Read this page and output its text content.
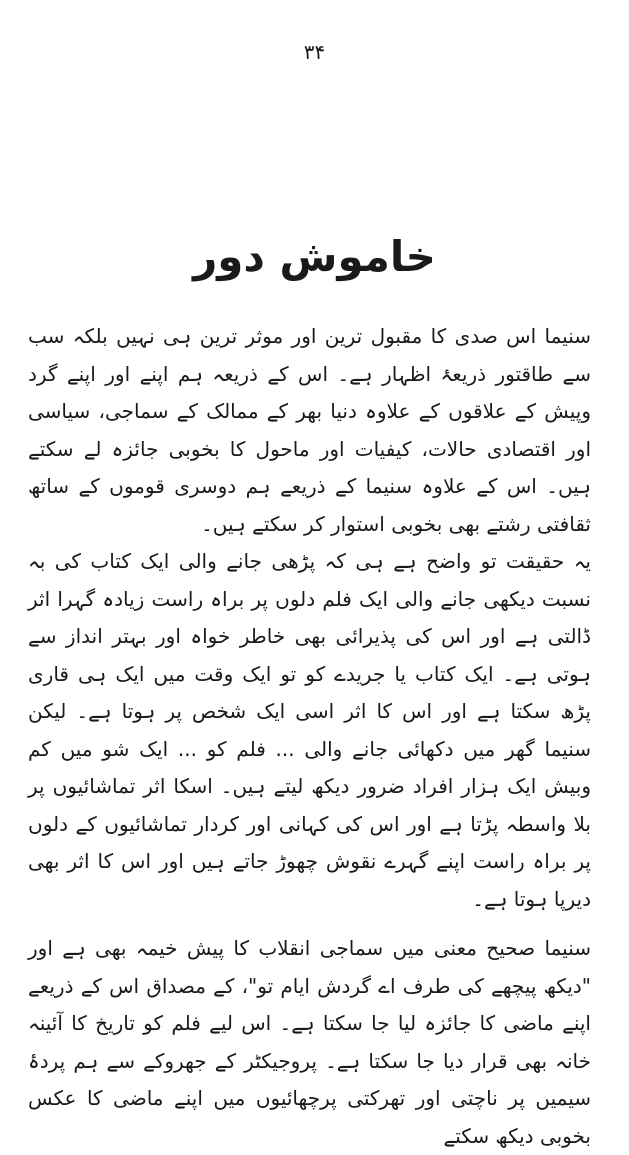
۳۴
خاموش دور

سنیما اس صدی کا مقبول ترین اور موثر ترین ہی نہیں بلکہ سب سے طاقتور ذریعۂ اظہار ہے۔ اس کے ذریعہ ہم اپنے اور اپنے گرد وپیش کے علاقوں کے علاوہ دنیا بھر کے ممالک کے سماجی، سیاسی اور اقتصادی حالات، کیفیات اور ماحول کا بخوبی جائزہ لے سکتے ہیں۔ اس کے علاوہ سنیما کے ذریعے ہم دوسری قوموں کے ساتھ ثقافتی رشتے بھی بخوبی استوار کر سکتے ہیں۔

یہ حقیقت تو واضح ہے ہی کہ پڑھی جانے والی ایک کتاب کی بہ نسبت دیکھی جانے والی ایک فلم دلوں پر براہ راست زیادہ گہرا اثر ڈالتی ہے اور اس کی پذیرائی بھی خاطر خواہ اور بہتر انداز سے ہوتی ہے۔ ایک کتاب یا جریدے کو تو ایک وقت میں ایک ہی قاری پڑھ سکتا ہے اور اس کا اثر اسی ایک شخص پر ہوتا ہے۔ لیکن سنیما گھر میں دکھائی جانے والی ... فلم کو ... ایک شو میں کم وبیش ایک ہزار افراد ضرور دیکھ لیتے ہیں۔ اسکا اثر تماشائیوں پر بلا واسطہ پڑتا ہے اور اس کی کہانی اور کردار تماشائیوں کے دلوں پر براہ راست اپنے گہرے نقوش چھوڑ جاتے ہیں اور اس کا اثر بھی دیرپا ہوتا ہے۔

سنیما صحیح معنی میں سماجی انقلاب کا پیش خیمہ بھی ہے اور "دیکھ پیچھے کی طرف اے گردش ایام تو"، کے مصداق اس کے ذریعے اپنے ماضی کا جائزہ لیا جا سکتا ہے۔ اس لیے فلم کو تاریخ کا آئینہ خانہ بھی قرار دیا جا سکتا ہے۔ پروجیکٹر کے جھروکے سے ہم پردۂ سیمیں پر ناچتی اور تھرکتی پرچھائیوں میں اپنے ماضی کا عکس بخوبی دیکھ سکتے
